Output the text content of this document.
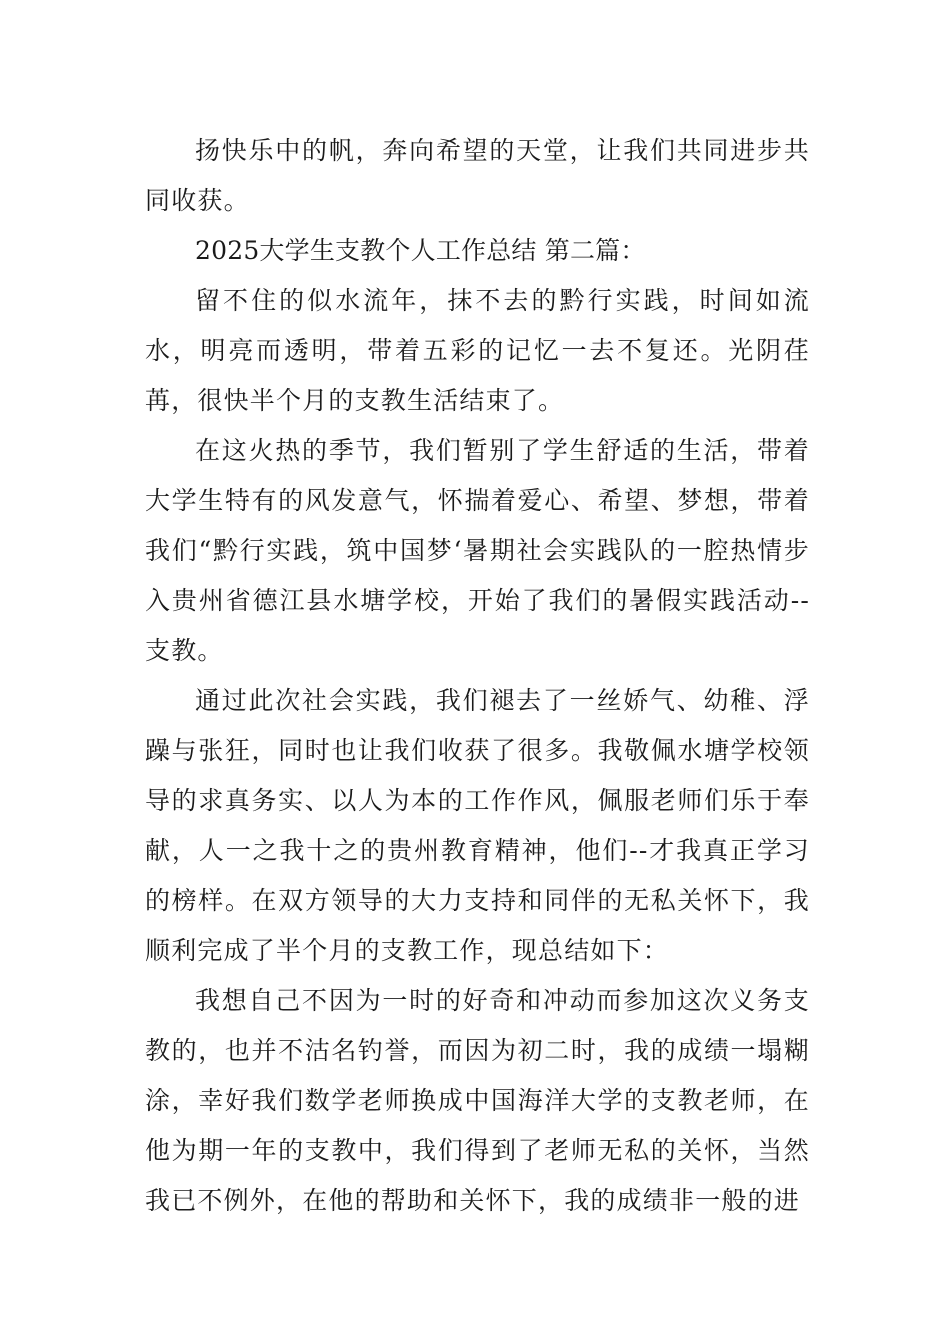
扬快乐中的帆，奔向希望的天堂，让我们共同进步共同收获。

2025大学生支教个人工作总结 第二篇：

留不住的似水流年，抹不去的黔行实践，时间如流水，明亮而透明，带着五彩的记忆一去不复还。光阴荏苒，很快半个月的支教生活结束了。

在这火热的季节，我们暂别了学生舒适的生活，带着大学生特有的风发意气，怀揣着爱心、希望、梦想，带着我们“黔行实践，筑中国梦‘暑期社会实践队的一腔热情步入贵州省德江县水塘学校，开始了我们的暑假实践活动--支教。

通过此次社会实践，我们褪去了一丝娇气、幼稚、浮躁与张狂，同时也让我们收获了很多。我敬佩水塘学校领导的求真务实、以人为本的工作作风，佩服老师们乐于奉献，人一之我十之的贵州教育精神，他们--才我真正学习的榜样。在双方领导的大力支持和同伴的无私关怀下，我顺利完成了半个月的支教工作，现总结如下：

我想自己不因为一时的好奇和冲动而参加这次义务支教的，也并不沽名钓誉，而因为初二时，我的成绩一塌糊涂，幸好我们数学老师换成中国海洋大学的支教老师，在他为期一年的支教中，我们得到了老师无私的关怀，当然我已不例外，在他的帮助和关怀下，我的成绩非一般的进
